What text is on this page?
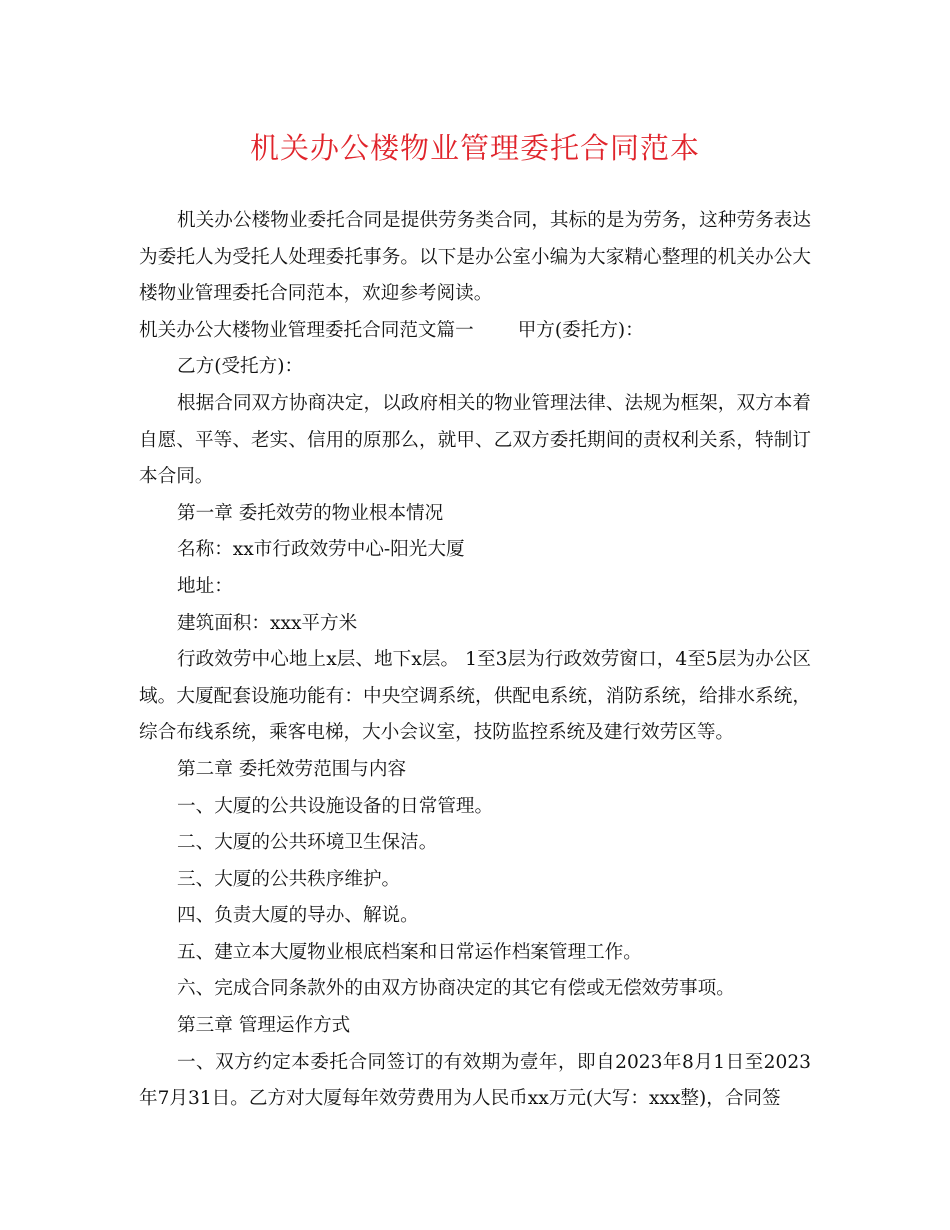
机关办公楼物业管理委托合同范本

机关办公楼物业委托合同是提供劳务类合同，其标的是为劳务，这种劳务表达为委托人为受托人处理委托事务。以下是办公室小编为大家精心整理的机关办公大楼物业管理委托合同范本，欢迎参考阅读。

机关办公大楼物业管理委托合同范文篇一 甲方(委托方)：

乙方(受托方)：

根据合同双方协商决定，以政府相关的物业管理法律、法规为框架，双方本着自愿、平等、老实、信用的原那么，就甲、乙双方委托期间的责权利关系，特制订本合同。

第一章 委托效劳的物业根本情况

名称：xx市行政效劳中心-阳光大厦

地址：

建筑面积：xxx平方米

行政效劳中心地上x层、地下x层。 1至3层为行政效劳窗口，4至5层为办公区域。大厦配套设施功能有：中央空调系统，供配电系统，消防系统，给排水系统，综合布线系统，乘客电梯，大小会议室，技防监控系统及建行效劳区等。

第二章 委托效劳范围与内容

一、大厦的公共设施设备的日常管理。

二、大厦的公共环境卫生保洁。

三、大厦的公共秩序维护。

四、负责大厦的导办、解说。

五、建立本大厦物业根底档案和日常运作档案管理工作。

六、完成合同条款外的由双方协商决定的其它有偿或无偿效劳事项。

第三章 管理运作方式

一、双方约定本委托合同签订的有效期为壹年，即自2023年8月1日至2023年7月31日。乙方对大厦每年效劳费用为人民币xx万元(大写：xxx整)，合同签
